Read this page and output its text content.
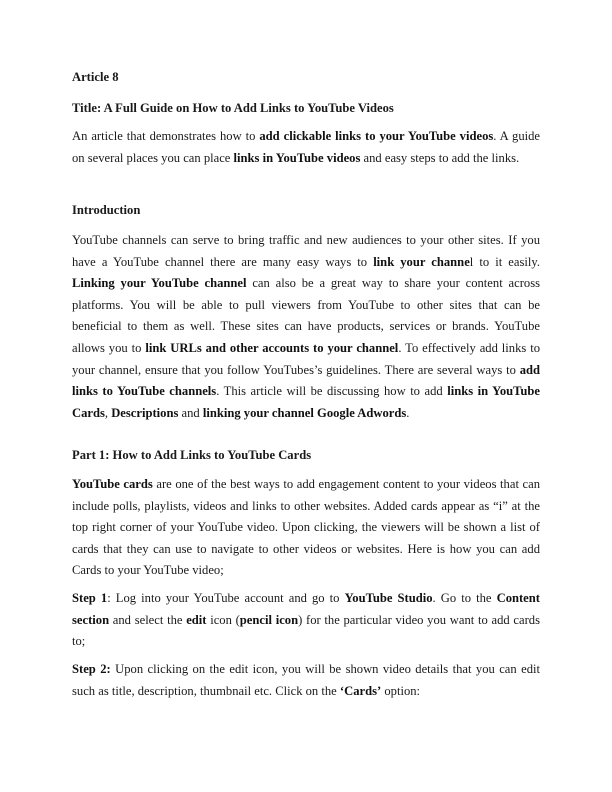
Article 8

Title: A Full Guide on How to Add Links to YouTube Videos

An article that demonstrates how to add clickable links to your YouTube videos. A guide on several places you can place links in YouTube videos and easy steps to add the links.

Introduction

YouTube channels can serve to bring traffic and new audiences to your other sites. If you have a YouTube channel there are many easy ways to link your channel to it easily. Linking your YouTube channel can also be a great way to share your content across platforms. You will be able to pull viewers from YouTube to other sites that can be beneficial to them as well. These sites can have products, services or brands. YouTube allows you to link URLs and other accounts to your channel. To effectively add links to your channel, ensure that you follow YouTubes’s guidelines. There are several ways to add links to YouTube channels. This article will be discussing how to add links in YouTube Cards, Descriptions and linking your channel Google Adwords.

Part 1: How to Add Links to YouTube Cards

YouTube cards are one of the best ways to add engagement content to your videos that can include polls, playlists, videos and links to other websites. Added cards appear as “i” at the top right corner of your YouTube video. Upon clicking, the viewers will be shown a list of cards that they can use to navigate to other videos or websites. Here is how you can add Cards to your YouTube video;

Step 1: Log into your YouTube account and go to YouTube Studio. Go to the Content section and select the edit icon (pencil icon) for the particular video you want to add cards to;

Step 2: Upon clicking on the edit icon, you will be shown video details that you can edit such as title, description, thumbnail etc. Click on the ‘Cards’ option:
